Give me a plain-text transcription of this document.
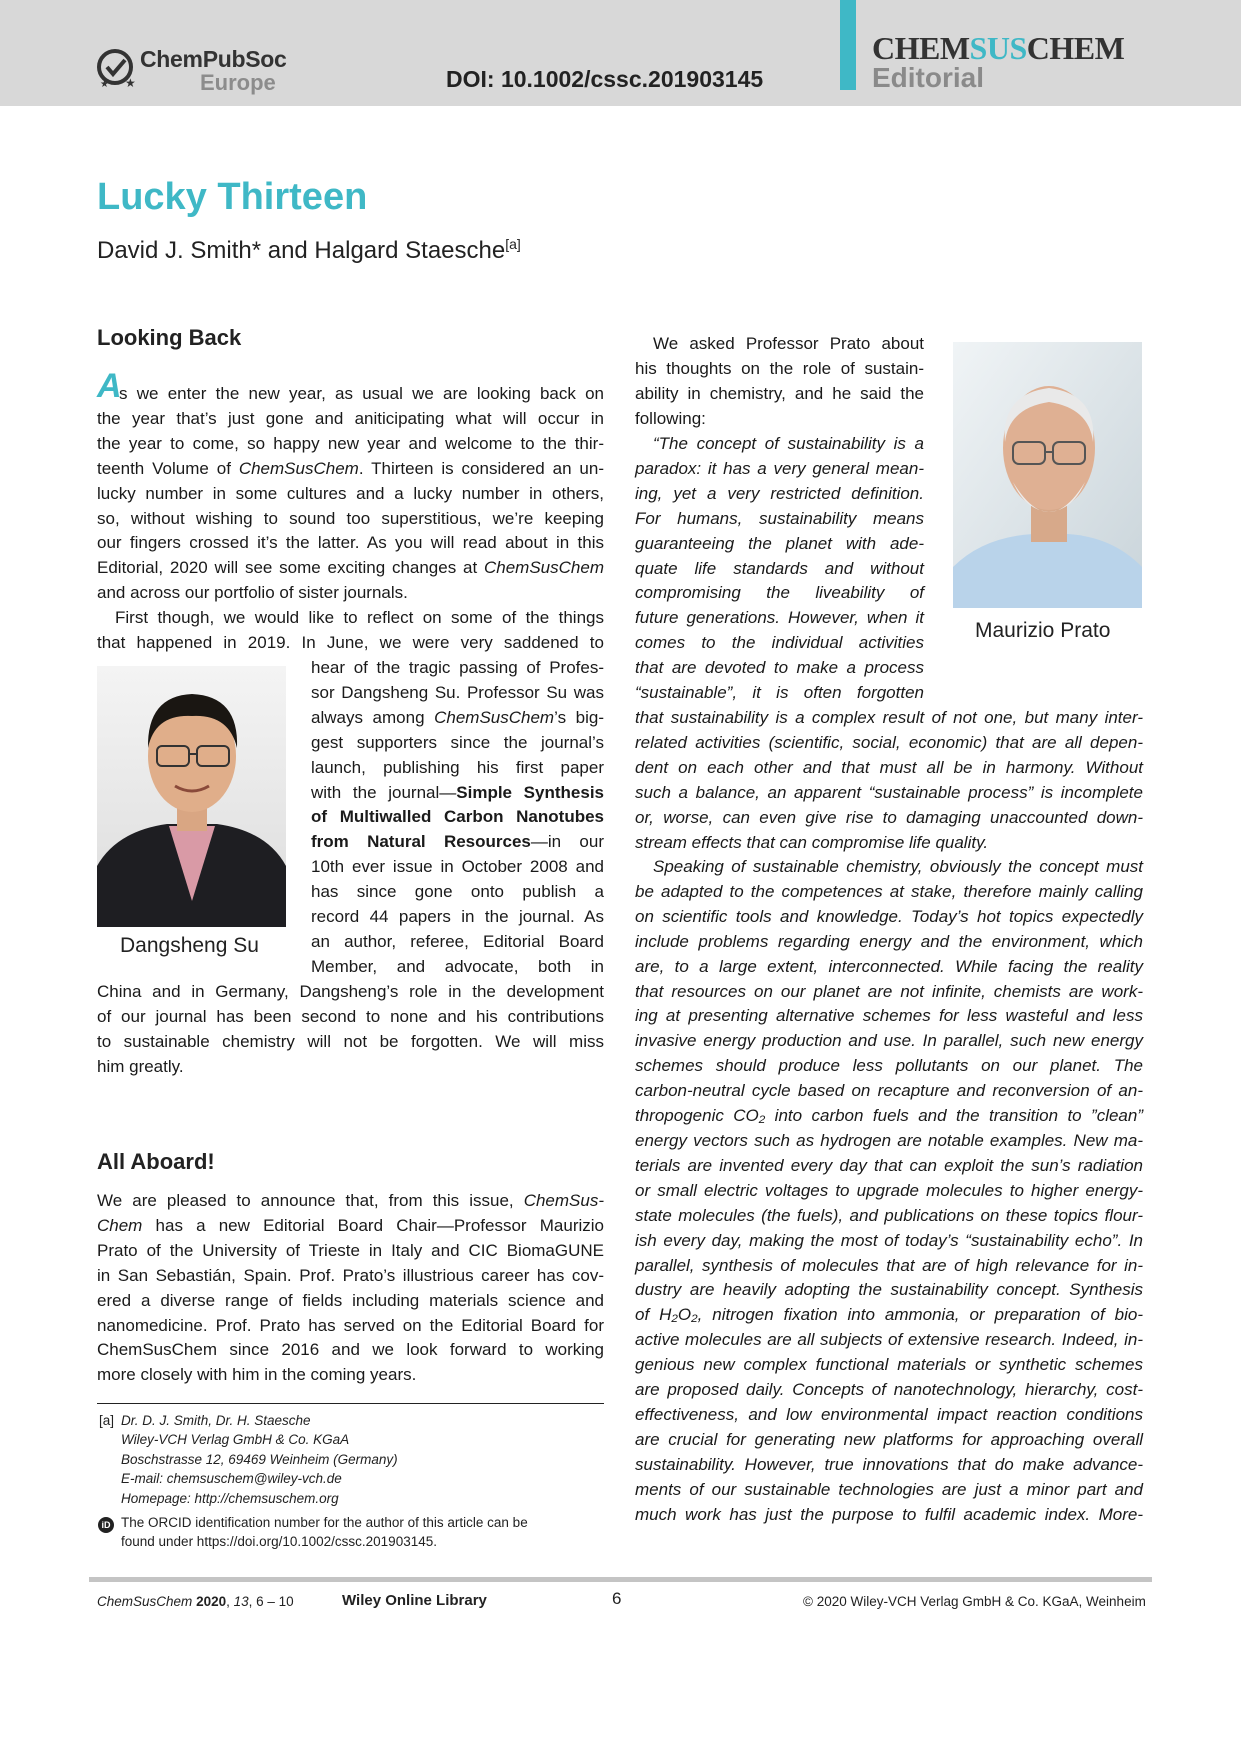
★
★
ChemPubSoc
Europe	DOI: 10.1002/cssc.201903145
CHEMSUSCHEM
Editorial
Lucky Thirteen
David J. Smith* and Halgard Staesche[a]
Looking Back
A
s we enter the new year, as usual we are looking back on
the year that’s just gone and aniticipating what will occur in
the year to come, so happy new year and welcome to the thir-
teenth Volume of ChemSusChem. Thirteen is considered an un-
lucky number in some cultures and a lucky number in others,
so, without wishing to sound too superstitious, we’re keeping
our fingers crossed it’s the latter. As you will read about in this
Editorial, 2020 will see some exciting changes at ChemSusChem
and across our portfolio of sister journals.
First though, we would like to reflect on some of the things
that happened in 2019. In June, we were very saddened to
hear of the tragic passing of Profes-
sor Dangsheng Su. Professor Su was
always among ChemSusChem’s big-
gest supporters since the journal’s
launch, publishing his first paper
with the journal—Simple Synthesis
of Multiwalled Carbon Nanotubes
from Natural Resources—in our
10th ever issue in October 2008 and
has since gone onto publish a
record 44 papers in the journal. As
an author, referee, Editorial Board
Member, and advocate, both in
Dangsheng Su
China and in Germany, Dangsheng’s role in the development
of our journal has been second to none and his contributions
to sustainable chemistry will not be forgotten. We will miss
him greatly.
All Aboard!
We are pleased to announce that, from this issue, ChemSus-
Chem has a new Editorial Board Chair—Professor Maurizio
Prato of the University of Trieste in Italy and CIC BiomaGUNE
in San Sebastián, Spain. Prof. Prato’s illustrious career has cov-
ered a diverse range of fields including materials science and
nanomedicine. Prof. Prato has served on the Editorial Board for
ChemSusChem since 2016 and we look forward to working
more closely with him in the coming years.
We asked Professor Prato about
his thoughts on the role of sustain-
ability in chemistry, and he said the
following:
“The concept of sustainability is a
paradox: it has a very general mean-
ing, yet a very restricted definition.
For humans, sustainability means
guaranteeing the planet with ade-
quate life standards and without
compromising the liveability of
future generations. However, when it
comes to the individual activities
that are devoted to make a process
“sustainable”, it is often forgotten
Maurizio Prato
that sustainability is a complex result of not one, but many inter-
related activities (scientific, social, economic) that are all depen-
dent on each other and that must all be in harmony. Without
such a balance, an apparent “sustainable process” is incomplete
or, worse, can even give rise to damaging unaccounted down-
stream effects that can compromise life quality.
Speaking of sustainable chemistry, obviously the concept must
be adapted to the competences at stake, therefore mainly calling
on scientific tools and knowledge. Today’s hot topics expectedly
include problems regarding energy and the environment, which
are, to a large extent, interconnected. While facing the reality
that resources on our planet are not infinite, chemists are work-
ing at presenting alternative schemes for less wasteful and less
invasive energy production and use. In parallel, such new energy
schemes should produce less pollutants on our planet. The
carbon-neutral cycle based on recapture and reconversion of an-
thropogenic CO₂ into carbon fuels and the transition to ”clean”
energy vectors such as hydrogen are notable examples. New ma-
terials are invented every day that can exploit the sun’s radiation
or small electric voltages to upgrade molecules to higher energy-
state molecules (the fuels), and publications on these topics flour-
ish every day, making the most of today’s “sustainability echo”. In
parallel, synthesis of molecules that are of high relevance for in-
dustry are heavily adopting the sustainability concept. Synthesis
of H₂O₂, nitrogen fixation into ammonia, or preparation of bio-
active molecules are all subjects of extensive research. Indeed, in-
genious new complex functional materials or synthetic schemes
are proposed daily. Concepts of nanotechnology, hierarchy, cost-
effectiveness, and low environmental impact reaction conditions
are crucial for generating new platforms for approaching overall
sustainability. However, true innovations that do make advance-
ments of our sustainable technologies are just a minor part and
much work has just the purpose to fulfil academic index. More-
[a] Dr. D. J. Smith, Dr. H. Staesche
Wiley-VCH Verlag GmbH & Co. KGaA
Boschstrasse 12, 69469 Weinheim (Germany)
E-mail: chemsuschem@wiley-vch.de
Homepage: http://chemsuschem.org
iD The ORCID identification number for the author of this article can be
found under https://doi.org/10.1002/cssc.201903145.
ChemSusChem 2020, 13, 6 – 10	Wiley Online Library	6	© 2020 Wiley-VCH Verlag GmbH & Co. KGaA, Weinheim
